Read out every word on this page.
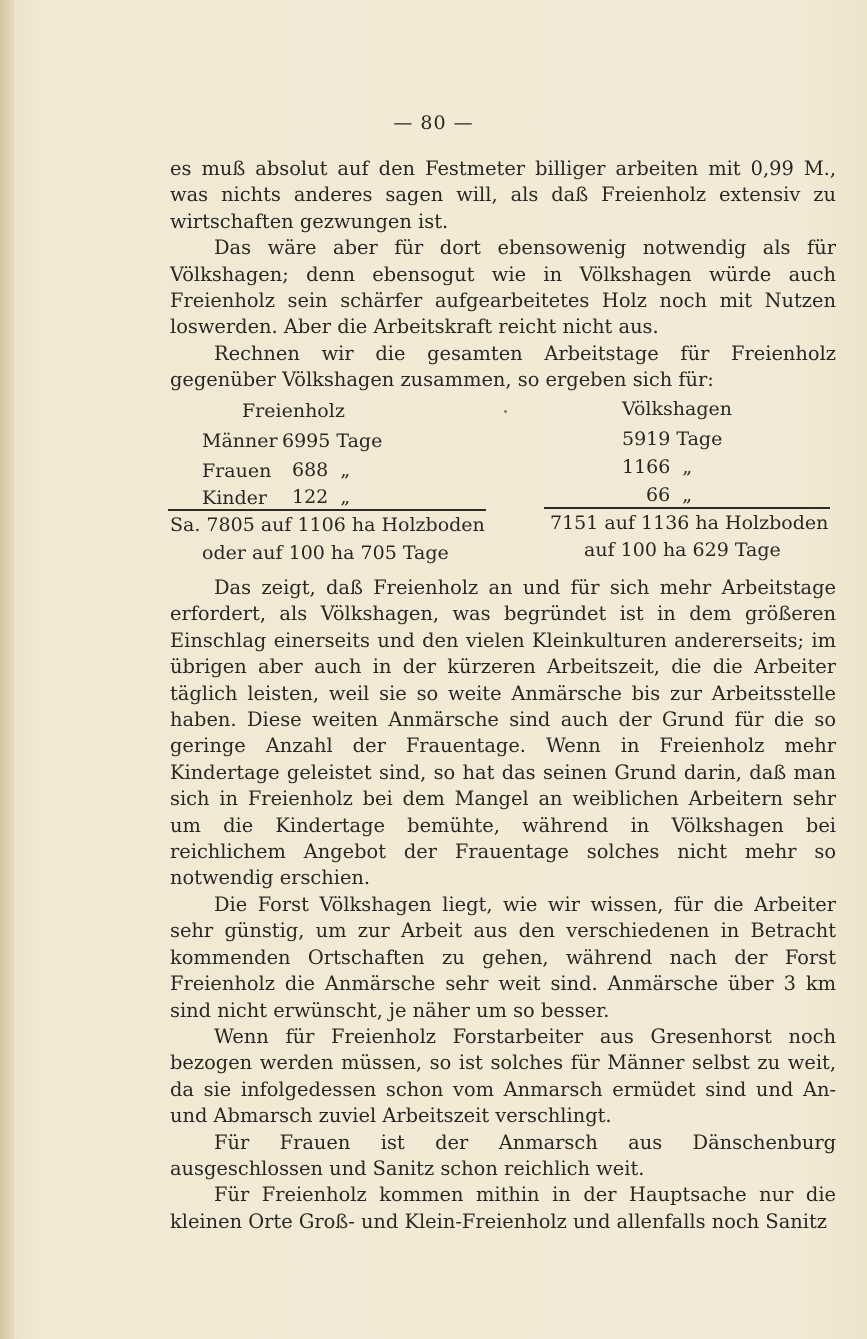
— 80 —

es muß absolut auf den Festmeter billiger arbeiten mit 0,99 M., was nichts anderes sagen will, als daß Freienholz extensiv zu wirtschaften gezwungen ist.

Das wäre aber für dort ebensowenig notwendig als für Völkshagen; denn ebensogut wie in Völkshagen würde auch Freienholz sein schärfer aufgearbeitetes Holz noch mit Nutzen loswerden. Aber die Arbeitskraft reicht nicht aus.

Rechnen wir die gesamten Arbeitstage für Freienholz gegenüber Völkshagen zusammen, so ergeben sich für:

Freienholz	Völkshagen
Männer 6995 Tage	5919 Tage
Frauen 688  „	1166  „
Kinder 122  „	66  „
Sa. 7805 auf 1106 ha Holzboden	7151 auf 1136 ha Holzboden
oder auf 100 ha 705 Tage	auf 100 ha 629 Tage

Das zeigt, daß Freienholz an und für sich mehr Arbeitstage erfordert, als Völkshagen, was begründet ist in dem größeren Einschlag einerseits und den vielen Kleinkulturen andererseits; im übrigen aber auch in der kürzeren Arbeitszeit, die die Arbeiter täglich leisten, weil sie so weite Anmärsche bis zur Arbeitsstelle haben. Diese weiten Anmärsche sind auch der Grund für die so geringe Anzahl der Frauentage. Wenn in Freienholz mehr Kindertage geleistet sind, so hat das seinen Grund darin, daß man sich in Freienholz bei dem Mangel an weiblichen Arbeitern sehr um die Kindertage bemühte, während in Völkshagen bei reichlichem Angebot der Frauentage solches nicht mehr so notwendig erschien.

Die Forst Völkshagen liegt, wie wir wissen, für die Arbeiter sehr günstig, um zur Arbeit aus den verschiedenen in Betracht kommenden Ortschaften zu gehen, während nach der Forst Freienholz die Anmärsche sehr weit sind. Anmärsche über 3 km sind nicht erwünscht, je näher um so besser.

Wenn für Freienholz Forstarbeiter aus Gresenhorst noch bezogen werden müssen, so ist solches für Männer selbst zu weit, da sie infolgedessen schon vom Anmarsch ermüdet sind und An- und Abmarsch zuviel Arbeitszeit verschlingt.

Für Frauen ist der Anmarsch aus Dänschenburg ausgeschlossen und Sanitz schon reichlich weit.

Für Freienholz kommen mithin in der Hauptsache nur die kleinen Orte Groß- und Klein-Freienholz und allenfalls noch Sanitz
